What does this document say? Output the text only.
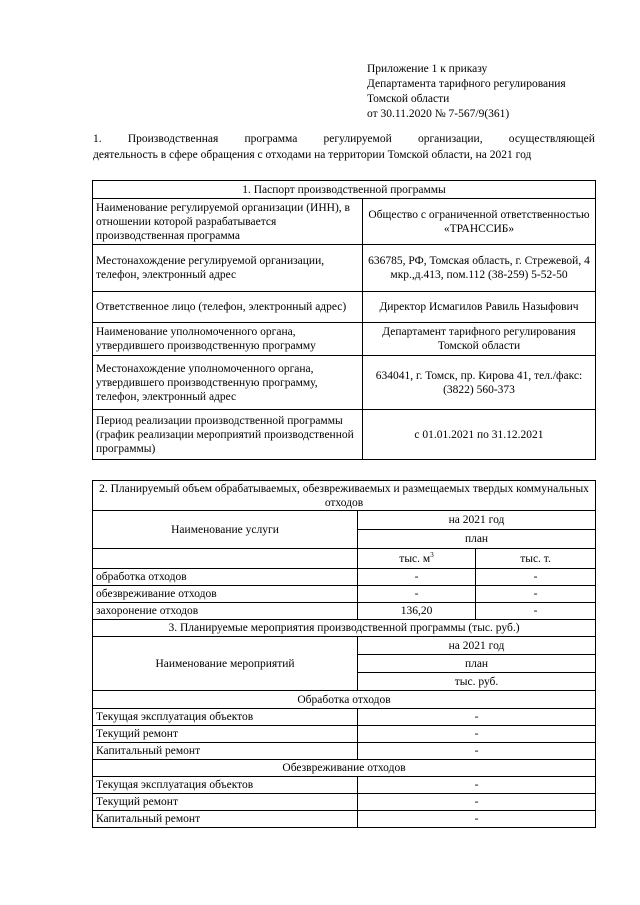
Приложение 1 к приказу
Департамента тарифного регулирования
Томской области
от 30.11.2020 № 7-567/9(361)
1. Производственная программа регулируемой организации, осуществляющей
деятельность в сфере обращения с отходами на территории Томской области, на 2021 год
1. Паспорт производственной программы	
Наименование регулируемой организации (ИНН), в отношении которой разрабатывается производственная программа	Общество с ограниченной ответственностью «ТРАНССИБ»
Местонахождение регулируемой организации, телефон, электронный адрес	636785, РФ, Томская область, г. Стрежевой, 4 мкр.,д.413, пом.112 (38-259) 5-52-50
Ответственное лицо (телефон, электронный адрес)	Директор Исмагилов Равиль Назыфович
Наименование уполномоченного органа, утвердившего производственную программу	Департамент тарифного регулирования Томской области
Местонахождение уполномоченного органа, утвердившего производственную программу, телефон, электронный адрес	634041, г. Томск, пр. Кирова 41, тел./факс: (3822) 560-373
Период реализации производственной программы (график реализации мероприятий производственной программы)	с 01.01.2021 по 31.12.2021
2. Планируемый объем обрабатываемых, обезвреживаемых и размещаемых твердых коммунальных отходов		
Наименование услуги	на 2021 год	
	план	
	тыс. $м^3$	тыс. т.
обработка отходов	-	-
обезвреживание отходов	-	-
захоронение отходов	136,20	-
3. Планируемые мероприятия производственной программы (тыс. руб.)		
Наименование мероприятий	на 2021 год	
	план	
	тыс. руб.	
Обработка отходов		
Текущая эксплуатация объектов	-	
Текущий ремонт	-	
Капитальный ремонт	-	
Обезвреживание отходов		
Текущая эксплуатация объектов	-	
Текущий ремонт	-	
Капитальный ремонт	-	
